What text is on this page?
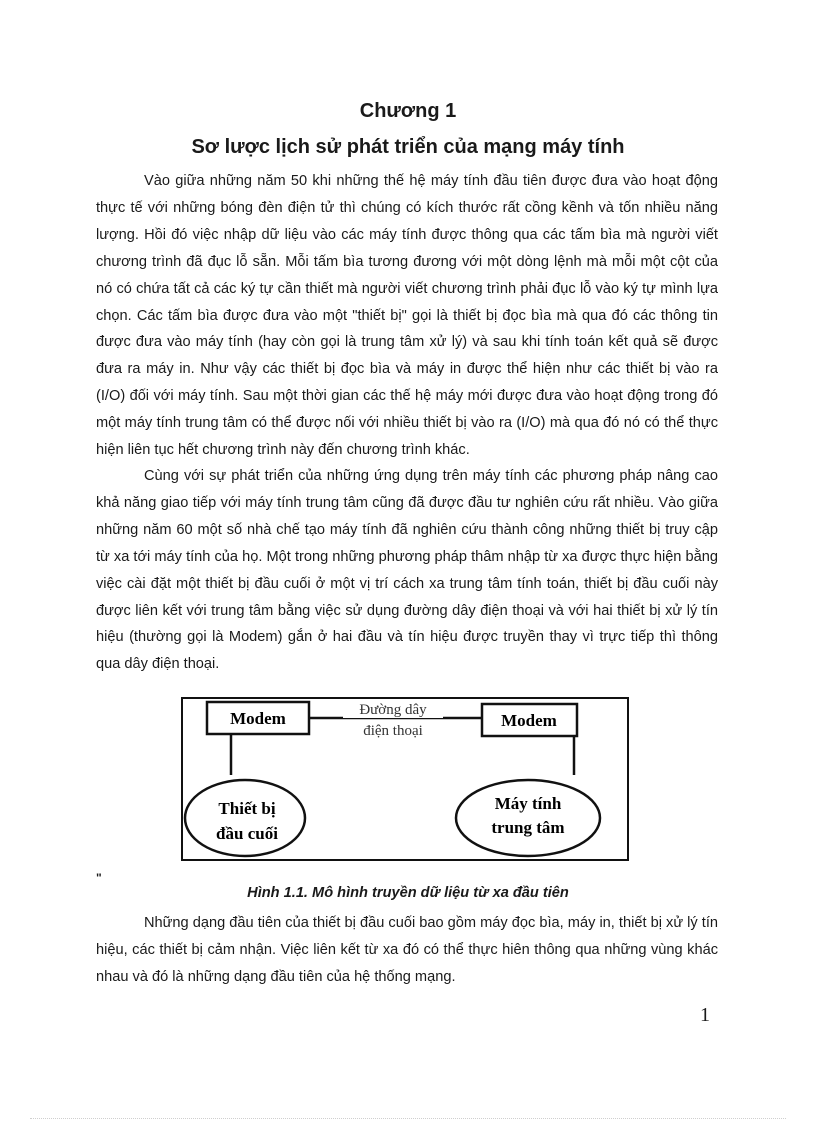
Chương 1
Sơ lược lịch sử phát triển của mạng máy tính

Vào giữa những năm 50 khi những thế hệ máy tính đầu tiên được đưa vào hoạt động thực tế với những bóng đèn điện tử thì chúng có kích thước rất cồng kềnh và tốn nhiều năng lượng. Hồi đó việc nhập dữ liệu vào các máy tính được thông qua các tấm bìa mà người viết chương trình đã đục lỗ sẵn. Mỗi tấm bìa tương đương với một dòng lệnh mà mỗi một cột của nó có chứa tất cả các ký tự cần thiết mà người viết chương trình phải đục lỗ vào ký tự mình lựa chọn. Các tấm bìa được đưa vào một "thiết bị" gọi là thiết bị đọc bìa mà qua đó các thông tin được đưa vào máy tính (hay còn gọi là trung tâm xử lý) và sau khi tính toán kết quả sẽ được đưa ra máy in. Như vậy các thiết bị đọc bìa và máy in được thể hiện như các thiết bị vào ra (I/O) đối với máy tính. Sau một thời gian các thế hệ máy mới được đưa vào hoạt động trong đó một máy tính trung tâm có thể được nối với nhiều thiết bị vào ra (I/O) mà qua đó nó có thể thực hiện liên tục hết chương trình này đến chương trình khác.

Cùng với sự phát triển của những ứng dụng trên máy tính các phương pháp nâng cao khả năng giao tiếp với máy tính trung tâm cũng đã được đầu tư nghiên cứu rất nhiều. Vào giữa những năm 60 một số nhà chế tạo máy tính đã nghiên cứu thành công những thiết bị truy cập từ xa tới máy tính của họ. Một trong những phương pháp thâm nhập từ xa được thực hiện bằng việc cài đặt một thiết bị đầu cuối ở một vị trí cách xa trung tâm tính toán, thiết bị đầu cuối này được liên kết với trung tâm bằng việc sử dụng đường dây điện thoại và với hai thiết bị xử lý tín hiệu (thường gọi là Modem) gắn ở hai đầu và tín hiệu được truyền thay vì trực tiếp thì thông qua dây điện thoại.

Modem	Modem
Đường dây
điện thoại
Thiết bị
đầu cuối
Máy tính
trung tâm
"
Hình 1.1. Mô hình truyền dữ liệu từ xa đầu tiên

Những dạng đầu tiên của thiết bị đầu cuối bao gồm máy đọc bìa, máy in, thiết bị xử lý tín hiệu, các thiết bị cảm nhận. Việc liên kết từ xa đó có thể thực hiên thông qua những vùng khác nhau và đó là những dạng đầu tiên của hệ thống mạng.

1
